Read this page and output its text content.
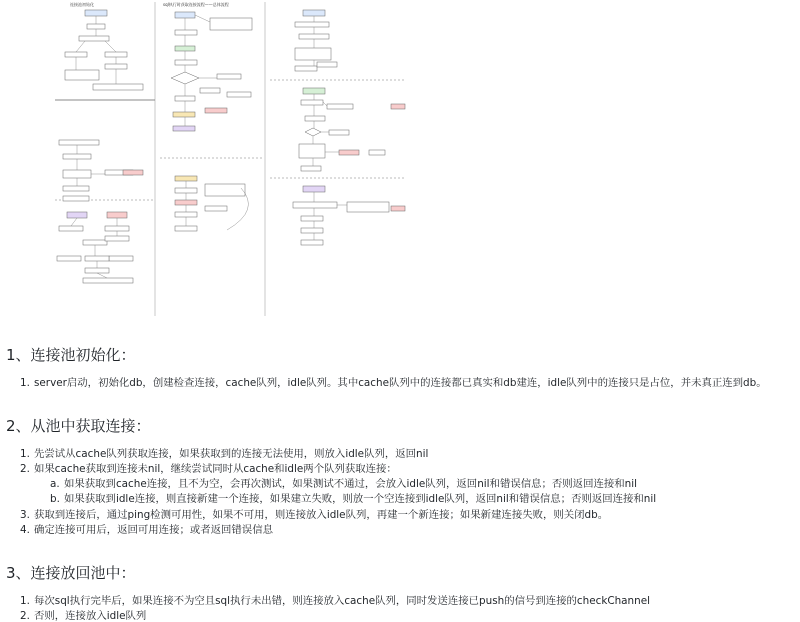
连接池初始化	sql执行时获取连接流程——总体流程
1、连接池初始化：
1. server启动，初始化db，创建检查连接，cache队列，idle队列。其中cache队列中的连接都已真实和db建连，idle队列中的连接只是占位，并未真正连到db。
2、从池中获取连接：
1. 先尝试从cache队列获取连接，如果获取到的连接无法使用，则放入idle队列，返回nil
2. 如果cache获取到连接未nil，继续尝试同时从cache和idle两个队列获取连接：
a. 如果获取到cache连接，且不为空，会再次测试，如果测试不通过，会放入idle队列，返回nil和错误信息；否则返回连接和nil
b. 如果获取到idle连接，则直接新建一个连接，如果建立失败，则放一个空连接到idle队列，返回nil和错误信息；否则返回连接和nil
3. 获取到连接后，通过ping检测可用性，如果不可用，则连接放入idle队列，再建一个新连接；如果新建连接失败，则关闭db。
4. 确定连接可用后，返回可用连接；或者返回错误信息
3、连接放回池中：
1. 每次sql执行完毕后，如果连接不为空且sql执行未出错，则连接放入cache队列，同时发送连接已push的信号到连接的checkChannel
2. 否则，连接放入idle队列
